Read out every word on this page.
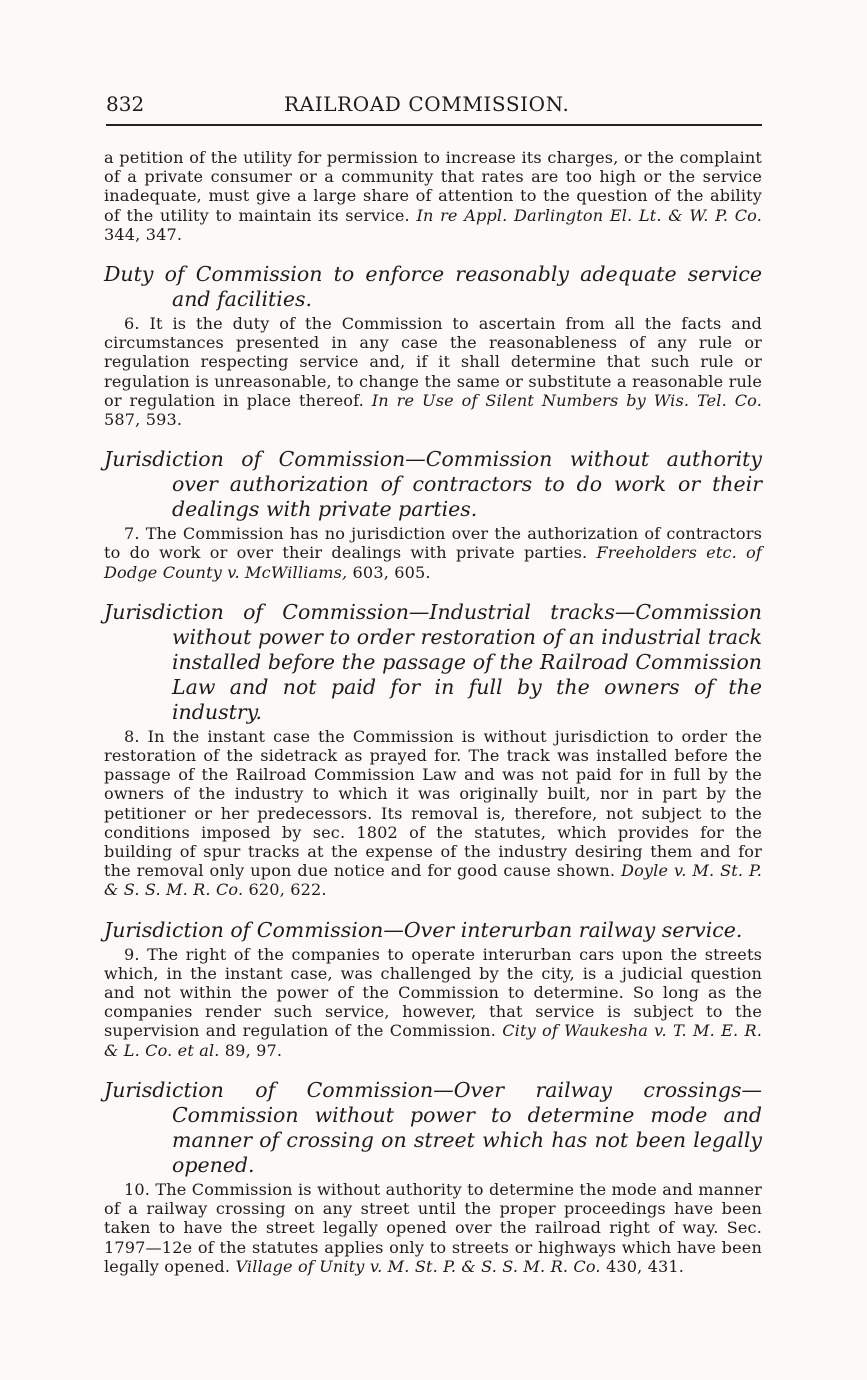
832	RAILROAD COMMISSION.

a petition of the utility for permission to increase its charges, or the complaint of a private consumer or a community that rates are too high or the service inadequate, must give a large share of attention to the question of the ability of the utility to maintain its service. In re Appl. Darlington El. Lt. & W. P. Co. 344, 347.

Duty of Commission to enforce reasonably adequate service and facilities.

6. It is the duty of the Commission to ascertain from all the facts and circumstances presented in any case the reasonableness of any rule or regulation respecting service and, if it shall determine that such rule or regulation is unreasonable, to change the same or substitute a reasonable rule or regulation in place thereof. In re Use of Silent Numbers by Wis. Tel. Co. 587, 593.

Jurisdiction of Commission—Commission without authority over authorization of contractors to do work or their dealings with private parties.

7. The Commission has no jurisdiction over the authorization of contractors to do work or over their dealings with private parties. Freeholders etc. of Dodge County v. McWilliams, 603, 605.

Jurisdiction of Commission—Industrial tracks—Commission without power to order restoration of an industrial track installed before the passage of the Railroad Commission Law and not paid for in full by the owners of the industry.

8. In the instant case the Commission is without jurisdiction to order the restoration of the sidetrack as prayed for. The track was installed before the passage of the Railroad Commission Law and was not paid for in full by the owners of the industry to which it was originally built, nor in part by the petitioner or her predecessors. Its removal is, therefore, not subject to the conditions imposed by sec. 1802 of the statutes, which provides for the building of spur tracks at the expense of the industry desiring them and for the removal only upon due notice and for good cause shown. Doyle v. M. St. P. & S. S. M. R. Co. 620, 622.

Jurisdiction of Commission—Over interurban railway service.

9. The right of the companies to operate interurban cars upon the streets which, in the instant case, was challenged by the city, is a judicial question and not within the power of the Commission to determine. So long as the companies render such service, however, that service is subject to the supervision and regulation of the Commission. City of Waukesha v. T. M. E. R. & L. Co. et al. 89, 97.

Jurisdiction of Commission—Over railway crossings—Commission without power to determine mode and manner of crossing on street which has not been legally opened.

10. The Commission is without authority to determine the mode and manner of a railway crossing on any street until the proper proceedings have been taken to have the street legally opened over the railroad right of way. Sec. 1797—12e of the statutes applies only to streets or highways which have been legally opened. Village of Unity v. M. St. P. & S. S. M. R. Co. 430, 431.
